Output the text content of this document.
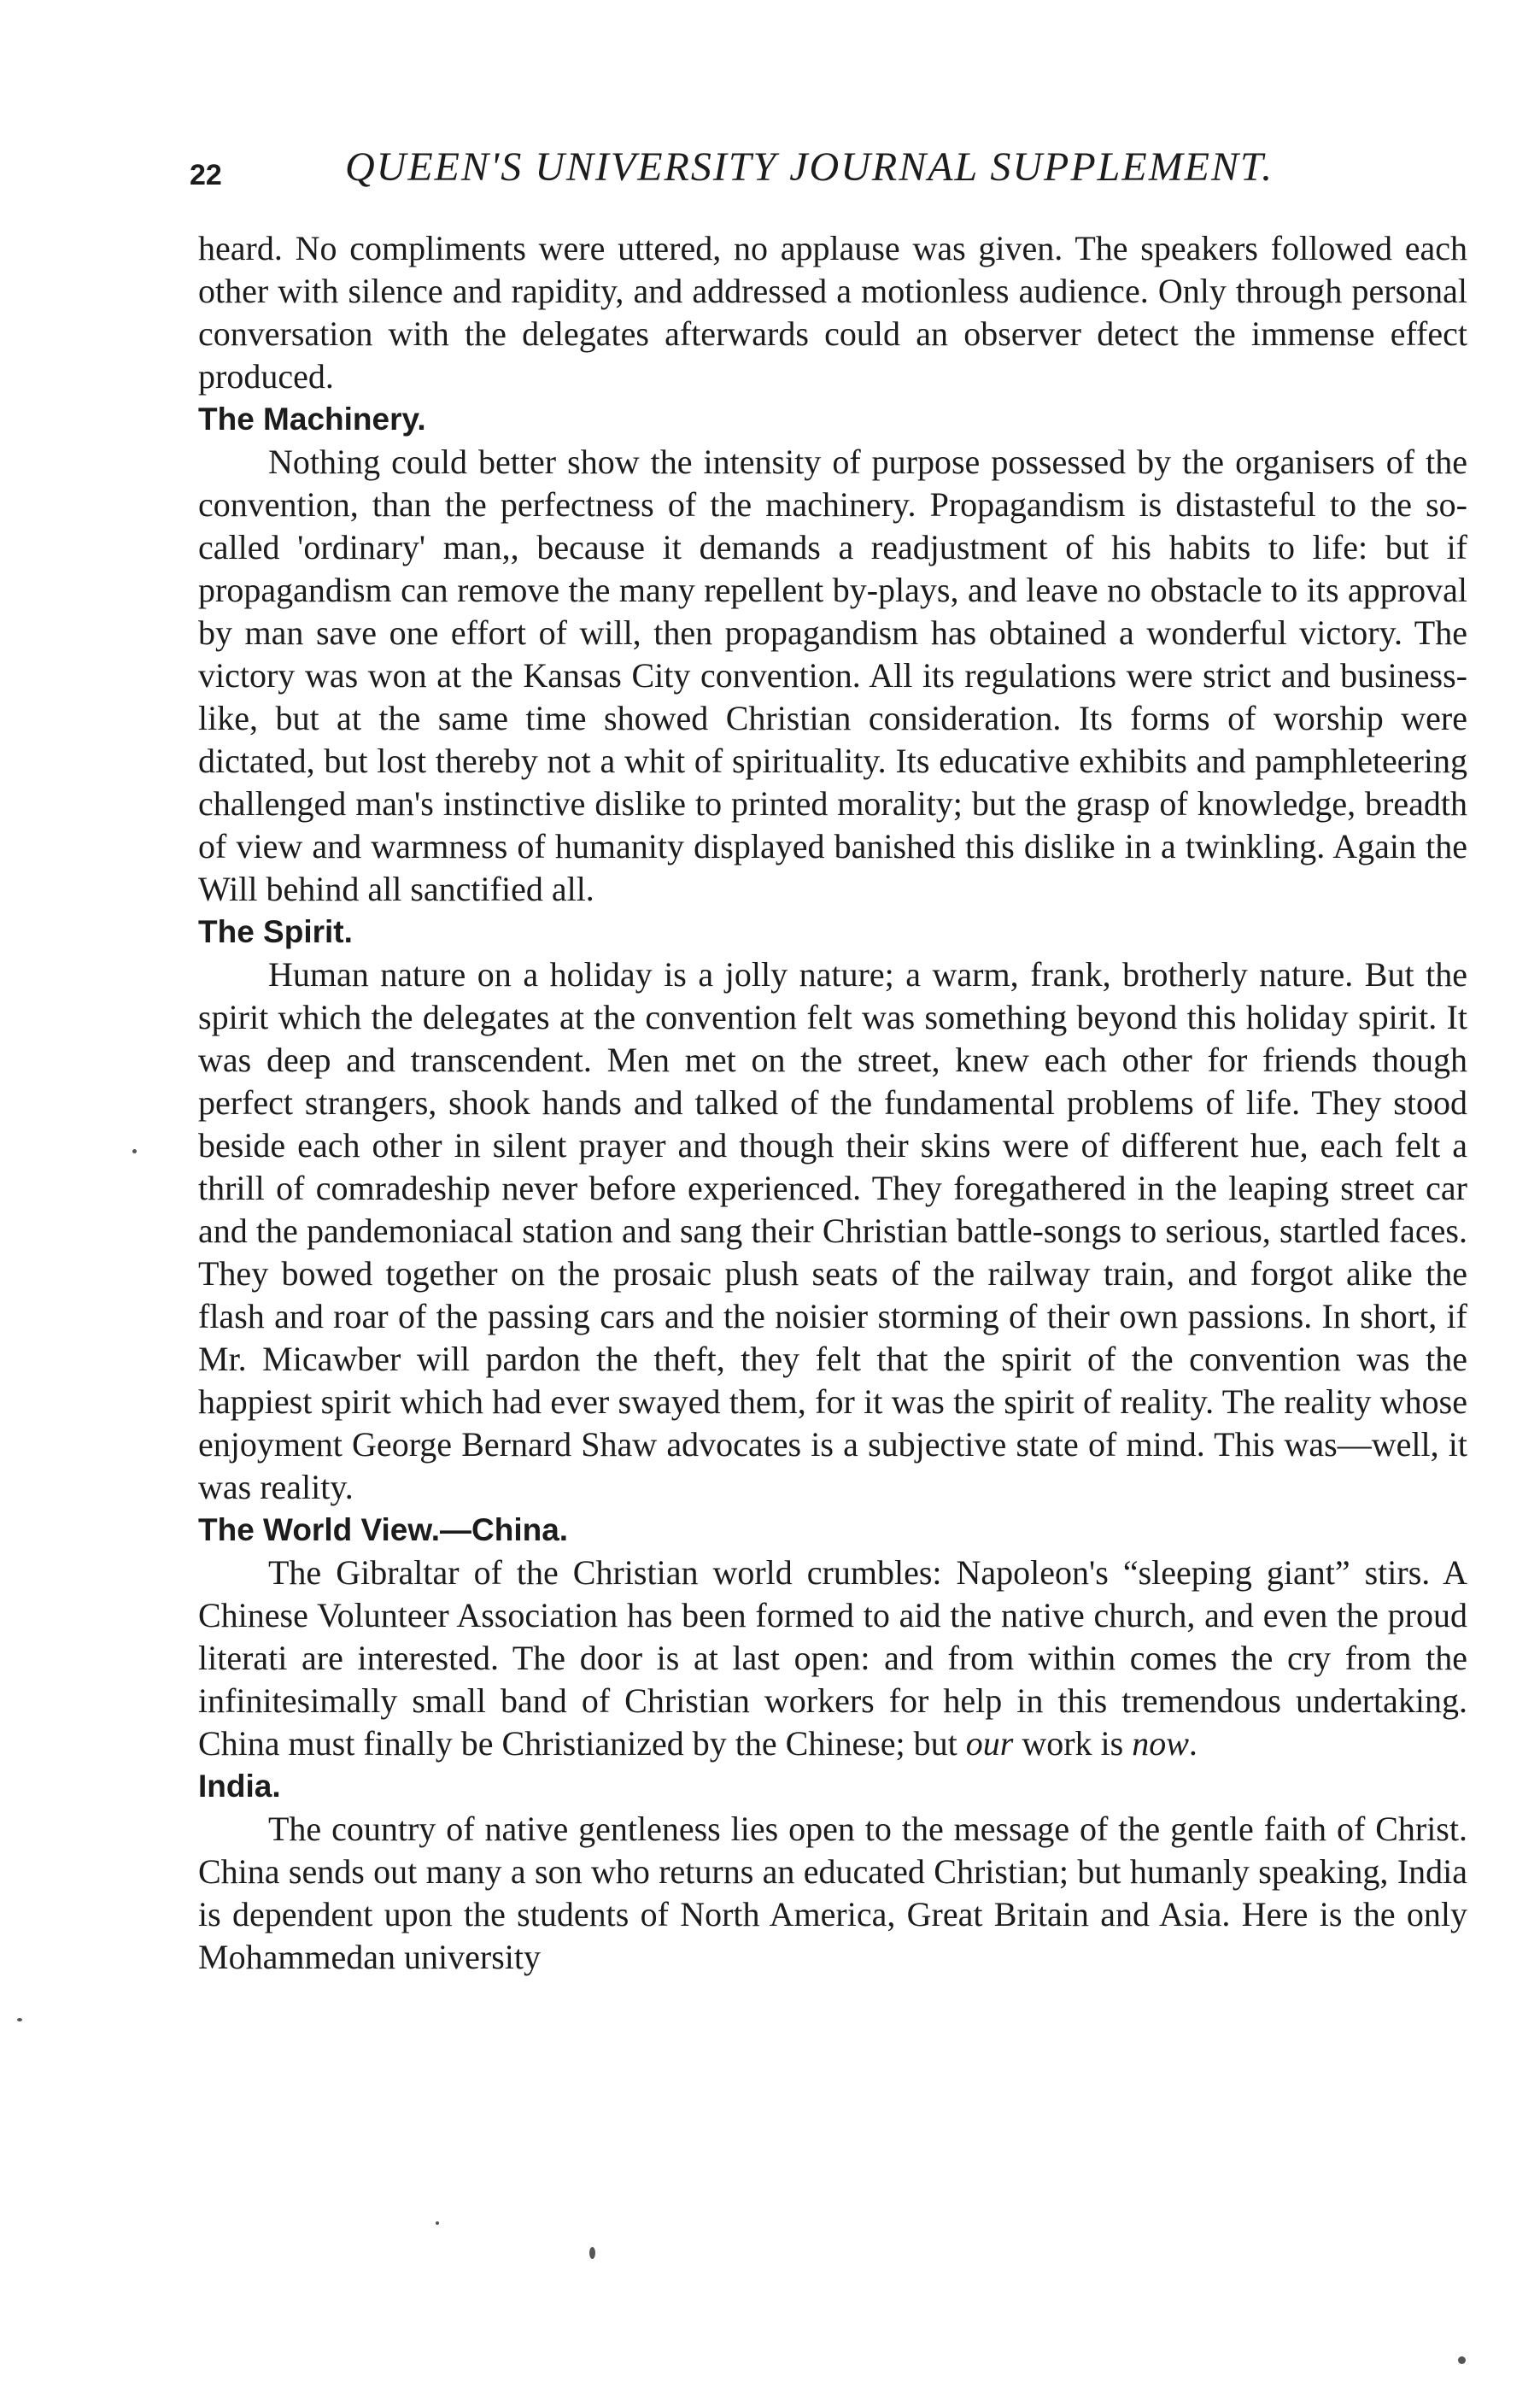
22	QUEEN'S UNIVERSITY JOURNAL SUPPLEMENT.

heard. No compliments were uttered, no applause was given. The speakers followed each other with silence and rapidity, and addressed a motionless audience. Only through personal conversation with the delegates afterwards could an observer detect the immense effect produced.

The Machinery.

Nothing could better show the intensity of purpose possessed by the organisers of the convention, than the perfectness of the machinery. Propagandism is distasteful to the so-called 'ordinary' man,, because it demands a readjustment of his habits to life: but if propagandism can remove the many repellent by-plays, and leave no obstacle to its approval by man save one effort of will, then propagandism has obtained a wonderful victory. The victory was won at the Kansas City convention. All its regulations were strict and business-like, but at the same time showed Christian consideration. Its forms of worship were dictated, but lost thereby not a whit of spirituality. Its educative exhibits and pamphleteering challenged man's instinctive dislike to printed morality; but the grasp of knowledge, breadth of view and warmness of humanity displayed banished this dislike in a twinkling. Again the Will behind all sanctified all.

The Spirit.

Human nature on a holiday is a jolly nature; a warm, frank, brotherly nature. But the spirit which the delegates at the convention felt was something beyond this holiday spirit. It was deep and transcendent. Men met on the street, knew each other for friends though perfect strangers, shook hands and talked of the fundamental problems of life. They stood beside each other in silent prayer and though their skins were of different hue, each felt a thrill of comradeship never before experienced. They foregathered in the leaping street car and the pandemoniacal station and sang their Christian battle-songs to serious, startled faces. They bowed together on the prosaic plush seats of the railway train, and forgot alike the flash and roar of the passing cars and the noisier storming of their own passions. In short, if Mr. Micawber will pardon the theft, they felt that the spirit of the convention was the happiest spirit which had ever swayed them, for it was the spirit of reality. The reality whose enjoyment George Bernard Shaw advocates is a subjective state of mind. This was—well, it was reality.

The World View.—China.

The Gibraltar of the Christian world crumbles: Napoleon's “sleeping giant” stirs. A Chinese Volunteer Association has been formed to aid the native church, and even the proud literati are interested. The door is at last open: and from within comes the cry from the infinitesimally small band of Christian workers for help in this tremendous undertaking. China must finally be Christianized by the Chinese; but our work is now.

India.

The country of native gentleness lies open to the message of the gentle faith of Christ. China sends out many a son who returns an educated Christian; but humanly speaking, India is dependent upon the students of North America, Great Britain and Asia. Here is the only Mohammedan university
